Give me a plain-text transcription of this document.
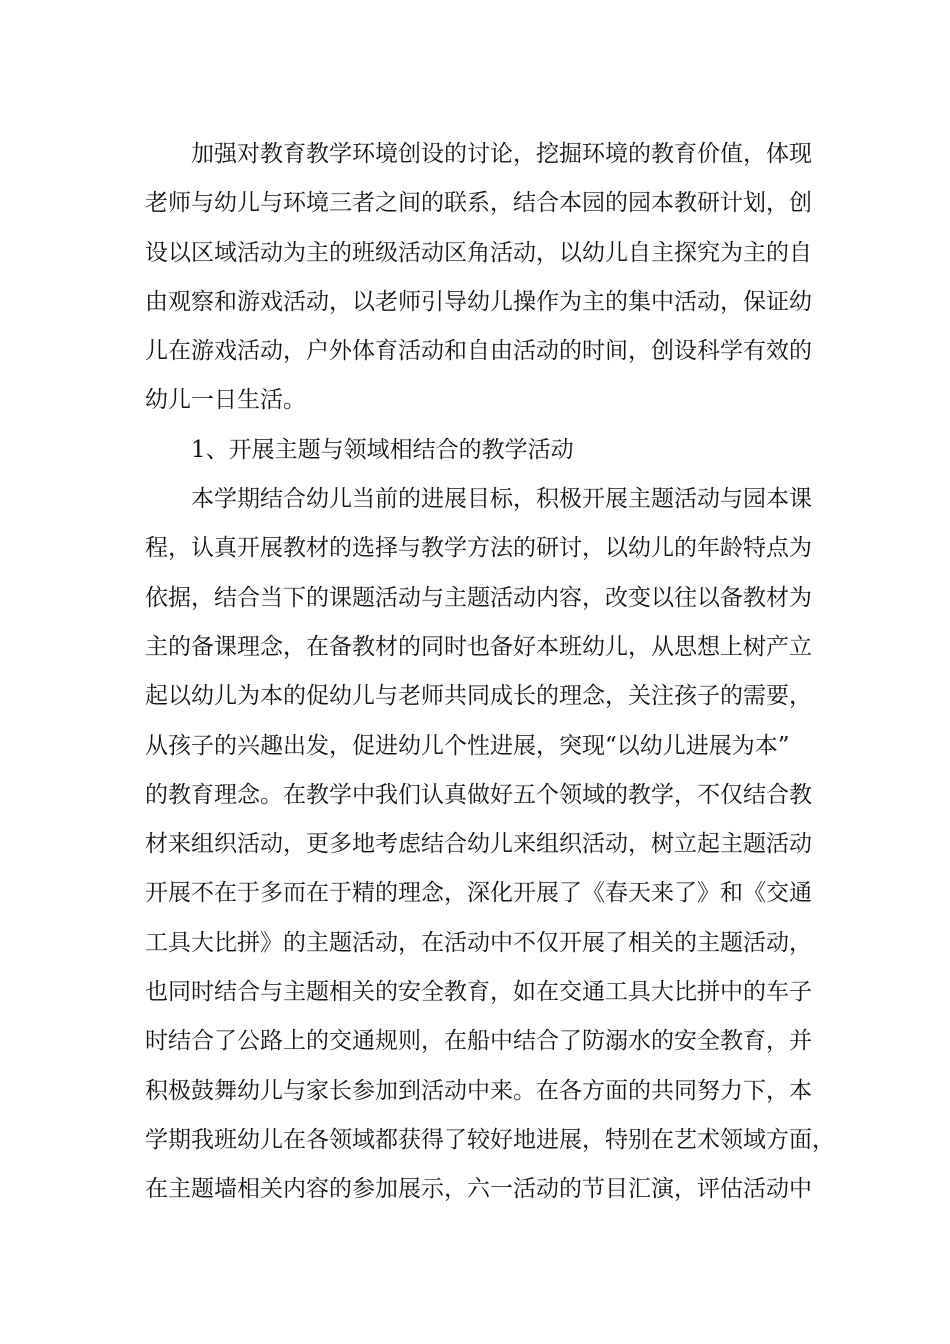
加强对教育教学环境创设的讨论，挖掘环境的教育价值，体现
老师与幼儿与环境三者之间的联系，结合本园的园本教研计划，创
设以区域活动为主的班级活动区角活动，以幼儿自主探究为主的自
由观察和游戏活动，以老师引导幼儿操作为主的集中活动，保证幼
儿在游戏活动，户外体育活动和自由活动的时间，创设科学有效的
幼儿一日生活。
1、开展主题与领域相结合的教学活动
本学期结合幼儿当前的进展目标，积极开展主题活动与园本课
程，认真开展教材的选择与教学方法的研讨，以幼儿的年龄特点为
依据，结合当下的课题活动与主题活动内容，改变以往以备教材为
主的备课理念，在备教材的同时也备好本班幼儿，从思想上树产立
起以幼儿为本的促幼儿与老师共同成长的理念，关注孩子的需要，
从孩子的兴趣出发，促进幼儿个性进展，突现“以幼儿进展为本”
的教育理念。在教学中我们认真做好五个领域的教学，不仅结合教
材来组织活动，更多地考虑结合幼儿来组织活动，树立起主题活动
开展不在于多而在于精的理念，深化开展了《春天来了》和《交通
工具大比拼》的主题活动，在活动中不仅开展了相关的主题活动，
也同时结合与主题相关的安全教育，如在交通工具大比拼中的车子
时结合了公路上的交通规则，在船中结合了防溺水的安全教育，并
积极鼓舞幼儿与家长参加到活动中来。在各方面的共同努力下，本
学期我班幼儿在各领域都获得了较好地进展，特别在艺术领域方面，
在主题墙相关内容的参加展示，六一活动的节目汇演，评估活动中
